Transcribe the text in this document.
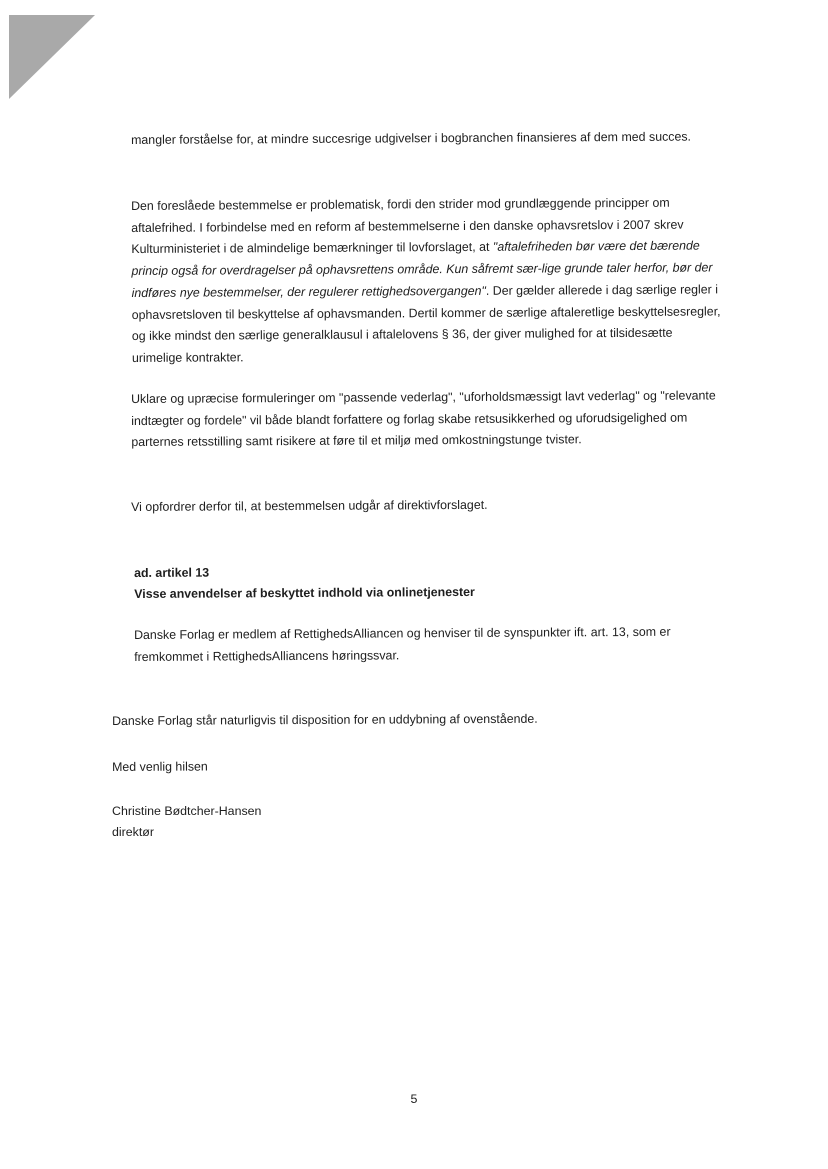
mangler forståelse for, at mindre succesrige udgivelser i bogbranchen finansieres af dem med succes.

Den foreslåede bestemmelse er problematisk, fordi den strider mod grundlæggende principper om aftalefrihed. I forbindelse med en reform af bestemmelserne i den danske ophavsretslov i 2007 skrev Kulturministeriet i de almindelige bemærkninger til lovforslaget, at "aftalefriheden bør være det bærende princip også for overdragelser på ophavsrettens område. Kun såfremt sær-lige grunde taler herfor, bør der indføres nye bestemmelser, der regulerer rettighedsovergangen". Der gælder allerede i dag særlige regler i ophavsretsloven til beskyttelse af ophavsmanden. Dertil kommer de særlige aftaleretlige beskyttelsesregler, og ikke mindst den særlige generalklausul i aftalelovens § 36, der giver mulighed for at tilsidesætte urimelige kontrakter.

Uklare og upræcise formuleringer om "passende vederlag", "uforholdsmæssigt lavt vederlag" og "relevante indtægter og fordele" vil både blandt forfattere og forlag skabe retsusikkerhed og uforudsigelighed om parternes retsstilling samt risikere at føre til et miljø med omkostningstunge tvister.

Vi opfordrer derfor til, at bestemmelsen udgår af direktivforslaget.

ad. artikel 13
Visse anvendelser af beskyttet indhold via onlinetjenester

Danske Forlag er medlem af RettighedsAlliancen og henviser til de synspunkter ift. art. 13, som er fremkommet i RettighedsAlliancens høringssvar.

Danske Forlag står naturligvis til disposition for en uddybning af ovenstående.
Med venlig hilsen
Christine Bødtcher-Hansen
direktør
5
